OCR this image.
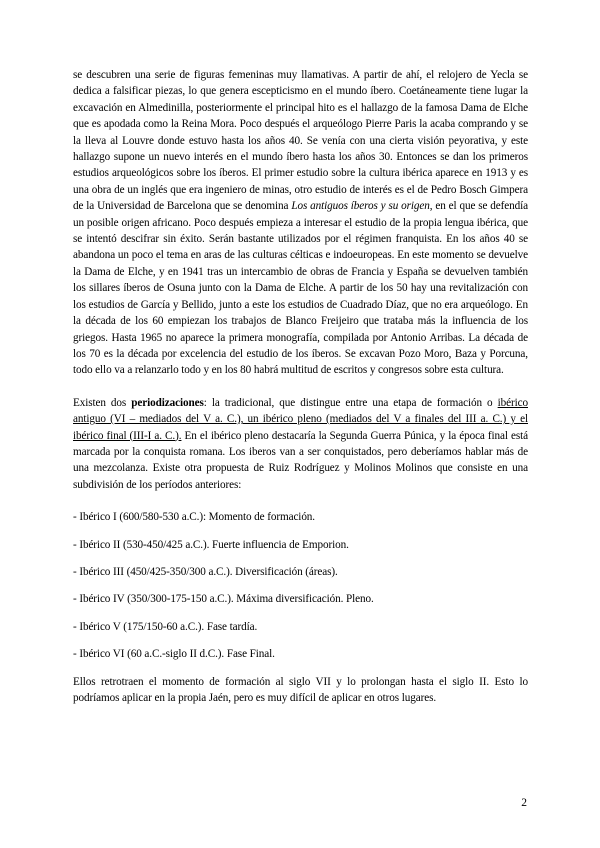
se descubren una serie de figuras femeninas muy llamativas. A partir de ahí, el relojero de Yecla se dedica a falsificar piezas, lo que genera escepticismo en el mundo íbero. Coetáneamente tiene lugar la excavación en Almedinilla, posteriormente el principal hito es el hallazgo de la famosa Dama de Elche que es apodada como la Reina Mora. Poco después el arqueólogo Pierre Paris la acaba comprando y se la lleva al Louvre donde estuvo hasta los años 40. Se venía con una cierta visión peyorativa, y este hallazgo supone un nuevo interés en el mundo íbero hasta los años 30. Entonces se dan los primeros estudios arqueológicos sobre los íberos. El primer estudio sobre la cultura ibérica aparece en 1913 y es una obra de un inglés que era ingeniero de minas, otro estudio de interés es el de Pedro Bosch Gimpera de la Universidad de Barcelona que se denomina Los antiguos íberos y su origen, en el que se defendía un posible origen africano. Poco después empieza a interesar el estudio de la propia lengua ibérica, que se intentó descifrar sin éxito. Serán bastante utilizados por el régimen franquista. En los años 40 se abandona un poco el tema en aras de las culturas célticas e indoeuropeas. En este momento se devuelve la Dama de Elche, y en 1941 tras un intercambio de obras de Francia y España se devuelven también los sillares íberos de Osuna junto con la Dama de Elche. A partir de los 50 hay una revitalización con los estudios de García y Bellido, junto a este los estudios de Cuadrado Díaz, que no era arqueólogo. En la década de los 60 empiezan los trabajos de Blanco Freijeiro que trataba más la influencia de los griegos. Hasta 1965 no aparece la primera monografía, compilada por Antonio Arribas. La década de los 70 es la década por excelencia del estudio de los íberos. Se excavan Pozo Moro, Baza y Porcuna, todo ello va a relanzarlo todo y en los 80 habrá multitud de escritos y congresos sobre esta cultura.

Existen dos periodizaciones: la tradicional, que distingue entre una etapa de formación o ibérico antiguo (VI – mediados del V a. C.), un ibérico pleno (mediados del V a finales del III a. C.) y el ibérico final (III-I a. C.). En el ibérico pleno destacaría la Segunda Guerra Púnica, y la época final está marcada por la conquista romana. Los iberos van a ser conquistados, pero deberíamos hablar más de una mezcolanza. Existe otra propuesta de Ruiz Rodríguez y Molinos Molinos que consiste en una subdivisión de los períodos anteriores:

- Ibérico I (600/580-530 a.C.): Momento de formación.
- Ibérico II (530-450/425 a.C.). Fuerte influencia de Emporion.
- Ibérico III (450/425-350/300 a.C.). Diversificación (áreas).
- Ibérico IV (350/300-175-150 a.C.). Máxima diversificación. Pleno.
- Ibérico V (175/150-60 a.C.). Fase tardía.
- Ibérico VI (60 a.C.-siglo II d.C.). Fase Final.

Ellos retrotraen el momento de formación al siglo VII y lo prolongan hasta el siglo II. Esto lo podríamos aplicar en la propia Jaén, pero es muy difícil de aplicar en otros lugares.

2
